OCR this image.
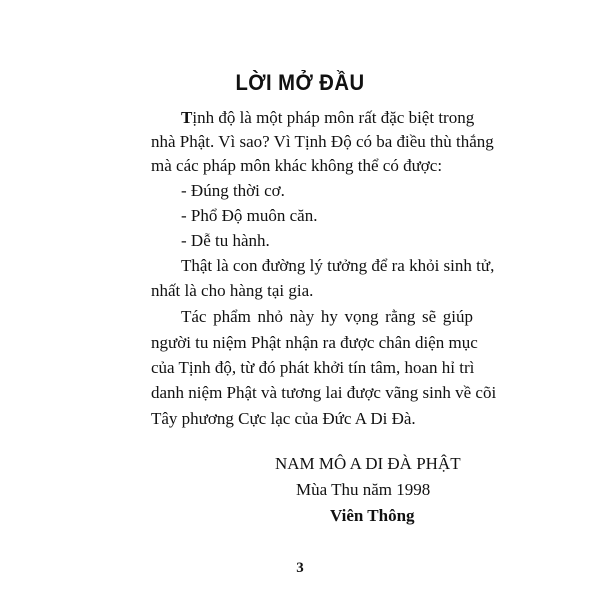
LỜI MỞ ĐẦU
Tịnh độ là một pháp môn rất đặc biệt trong
nhà Phật. Vì sao? Vì Tịnh Độ có ba điều thù thắng
mà các pháp môn khác không thể có được:
- Đúng thời cơ.
- Phổ Độ muôn căn.
- Dễ tu hành.
Thật là con đường lý tưởng để ra khỏi sinh tử,
nhất là cho hàng tại gia.
Tác phẩm nhỏ này hy vọng rằng sẽ giúp
người tu niệm Phật nhận ra được chân diện mục
của Tịnh độ, từ đó phát khởi tín tâm, hoan hỉ trì
danh niệm Phật và tương lai được vãng sinh về cõi
Tây phương Cực lạc của Đức A Di Đà.
NAM MÔ A DI ĐÀ PHẬT
Mùa Thu năm 1998
Viên Thông
3
